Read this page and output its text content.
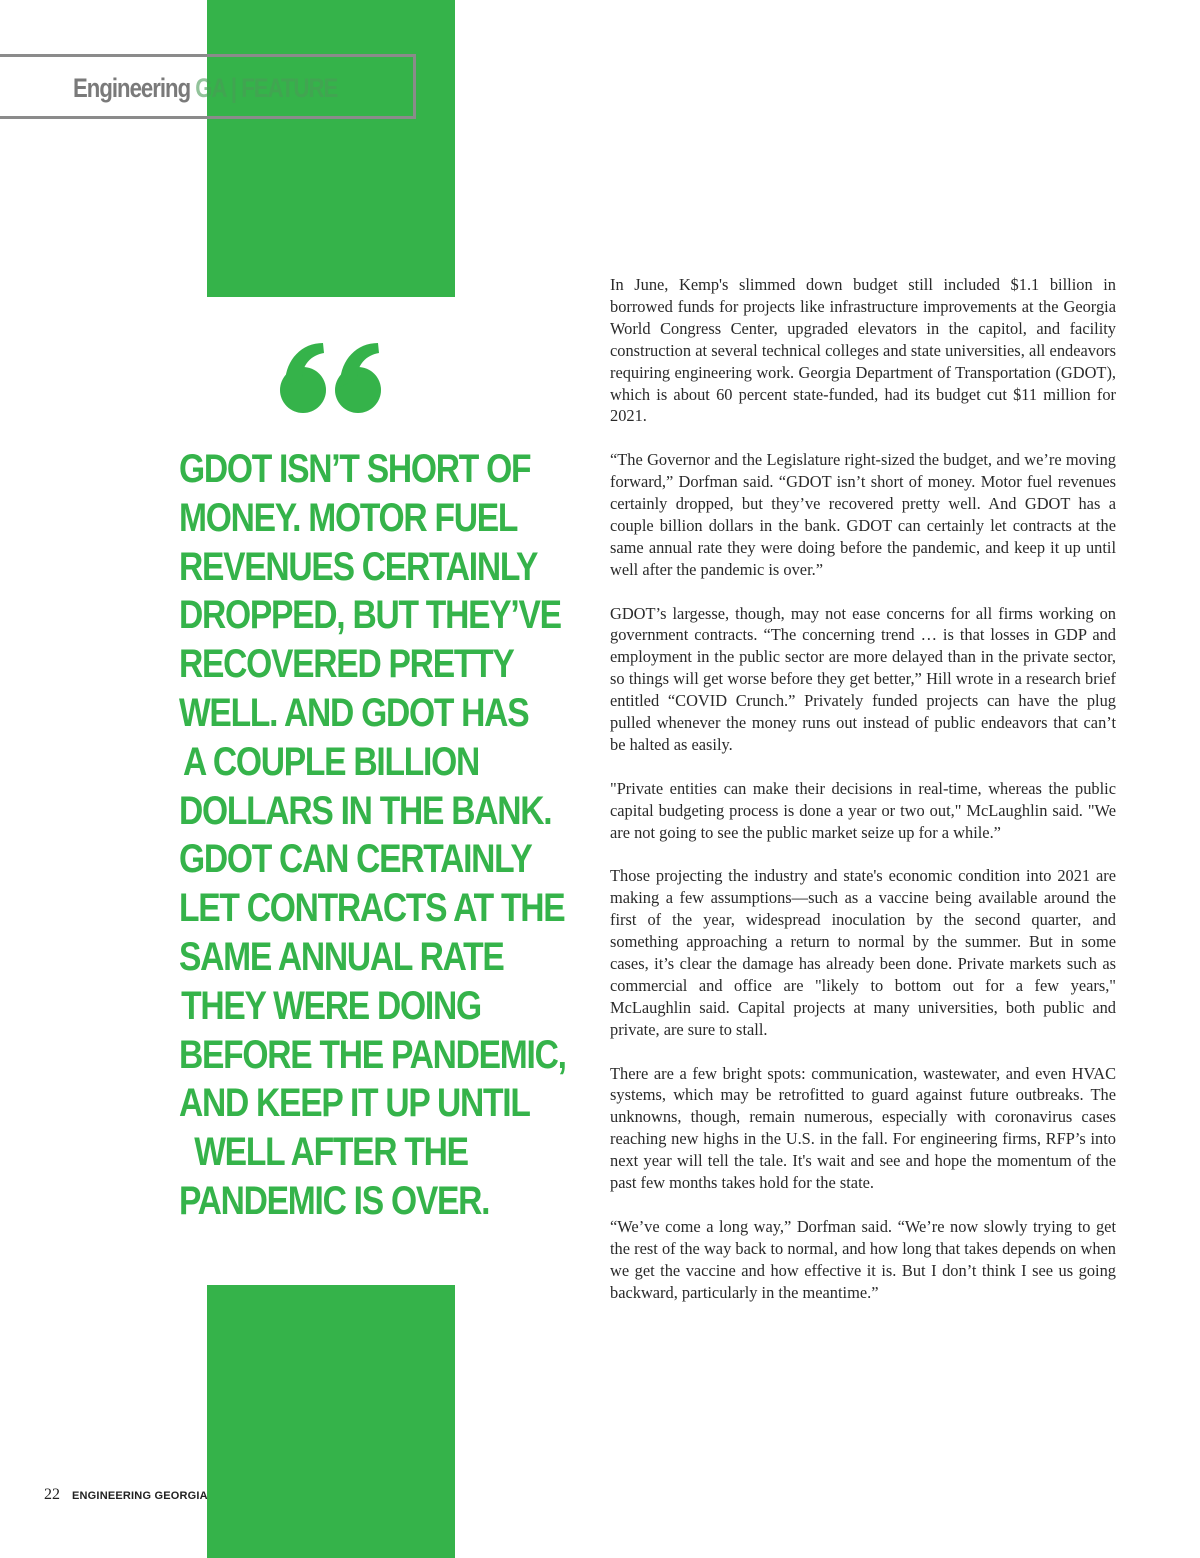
Engineering GA | FEATURE
GDOT ISN’T SHORT OF
MONEY. MOTOR FUEL
REVENUES CERTAINLY
DROPPED, BUT THEY’VE
RECOVERED PRETTY
WELL. AND GDOT HAS
A COUPLE BILLION
DOLLARS IN THE BANK.
GDOT CAN CERTAINLY
LET CONTRACTS AT THE
SAME ANNUAL RATE
THEY WERE DOING
BEFORE THE PANDEMIC,
AND KEEP IT UP UNTIL
WELL AFTER THE
PANDEMIC IS OVER.

In June, Kemp's slimmed down budget still included $1.1 billion in borrowed funds for projects like infrastructure improvements at the Georgia World Congress Center, upgraded elevators in the capitol, and facility construction at several technical colleges and state universities, all endeavors requiring engineering work. Georgia Department of Transportation (GDOT), which is about 60 percent state-funded, had its budget cut $11 million for 2021.

“The Governor and the Legislature right-sized the budget, and we’re moving forward,” Dorfman said. “GDOT isn’t short of money. Motor fuel revenues certainly dropped, but they’ve recovered pretty well. And GDOT has a couple billion dollars in the bank. GDOT can certainly let contracts at the same annual rate they were doing before the pandemic, and keep it up until well after the pandemic is over.”

GDOT’s largesse, though, may not ease concerns for all firms working on government contracts. “The concerning trend … is that losses in GDP and employment in the public sector are more delayed than in the private sector, so things will get worse before they get better,” Hill wrote in a research brief entitled “COVID Crunch.” Privately funded projects can have the plug pulled whenever the money runs out instead of public endeavors that can’t be halted as easily.

"Private entities can make their decisions in real-time, whereas the public capital budgeting process is done a year or two out," McLaughlin said. "We are not going to see the public market seize up for a while.”

Those projecting the industry and state's economic condition into 2021 are making a few assumptions—such as a vaccine being available around the first of the year, widespread inoculation by the second quarter, and something approaching a return to normal by the summer. But in some cases, it’s clear the damage has already been done. Private markets such as commercial and office are "likely to bottom out for a few years," McLaughlin said. Capital projects at many universities, both public and private, are sure to stall.

There are a few bright spots: communication, wastewater, and even HVAC systems, which may be retrofitted to guard against future outbreaks. The unknowns, though, remain numerous, especially with coronavirus cases reaching new highs in the U.S. in the fall. For engineering firms, RFP’s into next year will tell the tale. It's wait and see and hope the momentum of the past few months takes hold for the state.

“We’ve come a long way,” Dorfman said. “We’re now slowly trying to get the rest of the way back to normal, and how long that takes depends on when we get the vaccine and how effective it is. But I don’t think I see us going backward, particularly in the meantime.”

22 ENGINEERING GEORGIA
